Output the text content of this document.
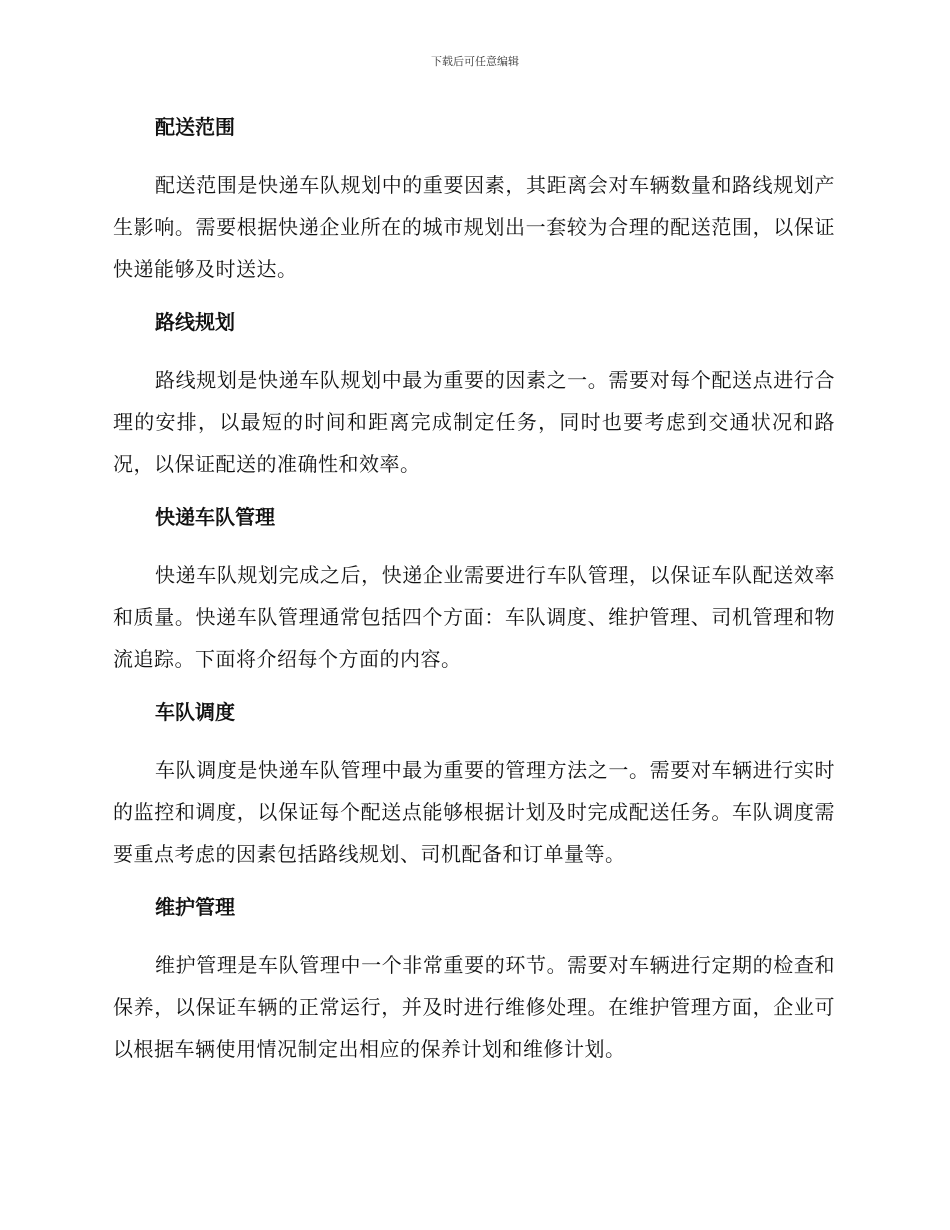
下载后可任意编辑
配送范围

配送范围是快递车队规划中的重要因素，其距离会对车辆数量和路线规划产生影响。需要根据快递企业所在的城市规划出一套较为合理的配送范围，以保证快递能够及时送达。

路线规划

路线规划是快递车队规划中最为重要的因素之一。需要对每个配送点进行合理的安排，以最短的时间和距离完成制定任务，同时也要考虑到交通状况和路况，以保证配送的准确性和效率。

快递车队管理

快递车队规划完成之后，快递企业需要进行车队管理，以保证车队配送效率和质量。快递车队管理通常包括四个方面：车队调度、维护管理、司机管理和物流追踪。下面将介绍每个方面的内容。

车队调度

车队调度是快递车队管理中最为重要的管理方法之一。需要对车辆进行实时的监控和调度，以保证每个配送点能够根据计划及时完成配送任务。车队调度需要重点考虑的因素包括路线规划、司机配备和订单量等。

维护管理

维护管理是车队管理中一个非常重要的环节。需要对车辆进行定期的检查和保养，以保证车辆的正常运行，并及时进行维修处理。在维护管理方面，企业可以根据车辆使用情况制定出相应的保养计划和维修计划。
